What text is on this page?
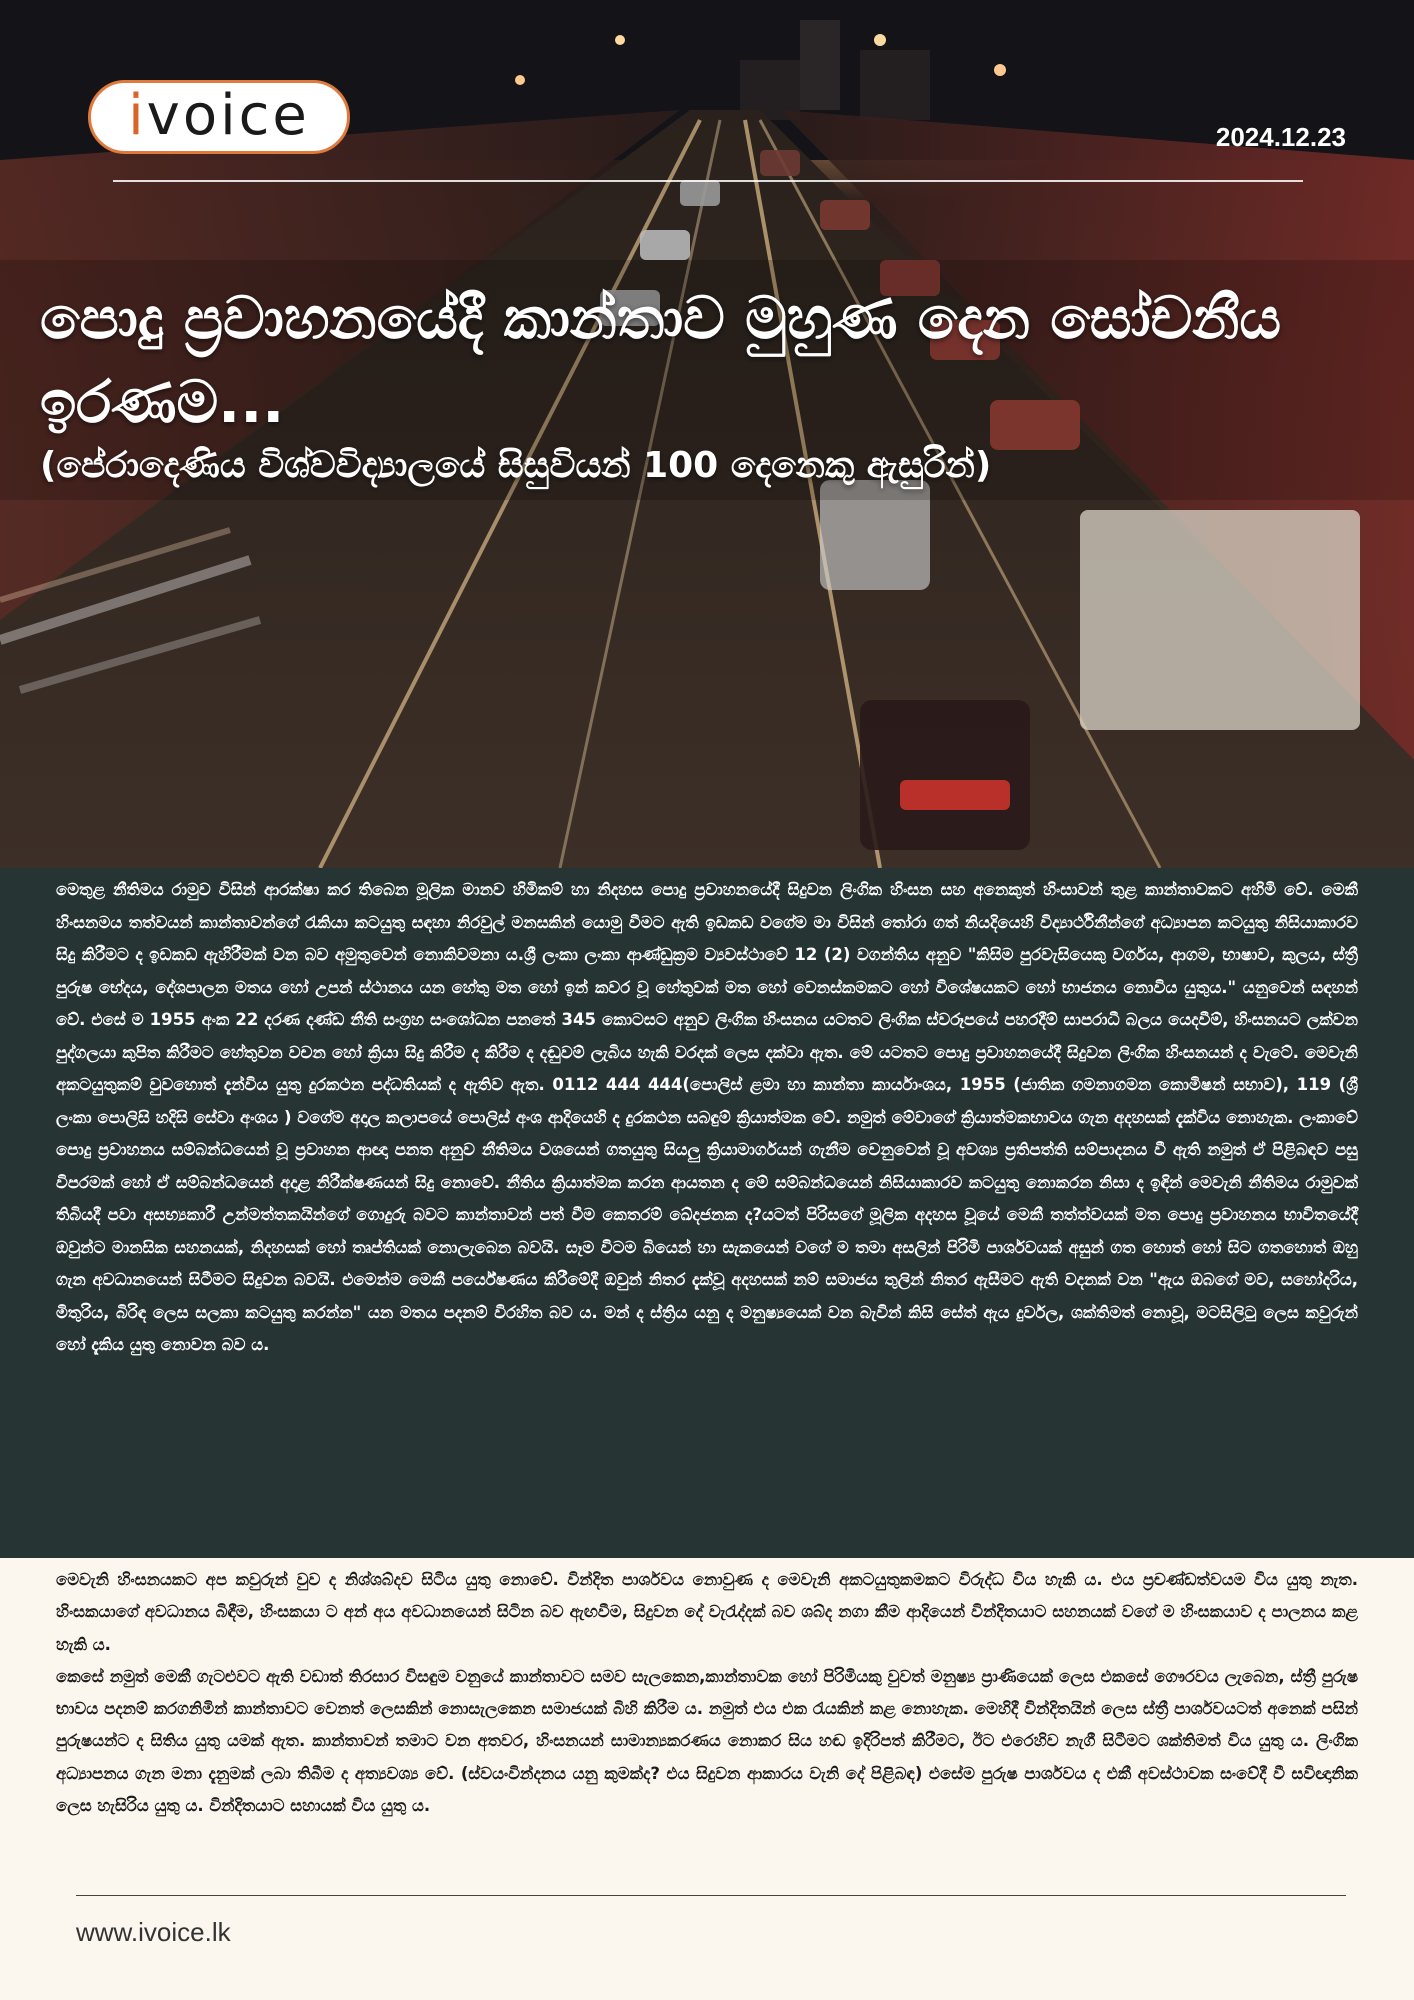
ivoice	2024.12.23
පොදු ප්‍රවාහනයේදී කාන්තාව මුහුණ දෙන සෝචනීය ඉරණම...
(පේරාදෙණිය විශ්වවිද්‍යාලයේ සිසුවියන් 100 දෙනෙකු ඇසුරින්)

මෙතුළ නීතිමය රාමුව විසින් ආරක්ෂා කර තිබෙන මූලික මානව හිමිකම් හා නිදහස පොදු ප්‍රවාහනයේදී සිදුවන ලිංගික හිංසන සහ අනෙකුත් හිංසාවන් තුළ කාන්තාවකට අහිමි වේ. මෙකී හිංසනමය තත්වයන් කාන්තාවන්ගේ රැකියා කටයුතු සඳහා නිරවුල් මනසකින් යොමු වීමට ඇති ඉඩකඩ වගේම මා විසින් තෝරා ගත් නියදියෙහි විද්‍යාර්ථිනීන්ගේ අධ්‍යාපන කටයුතු නිසියාකාරව සිදු කිරීමට ද ඉඩකඩ ඇහිරීමක් වන බව අමුතුවෙන් නොකිවමනා ය.ශ්‍රී ලංකා ලංකා ආණ්ඩුක්‍රම ව්‍යවස්ථාවේ 12 (2) වගන්තිය අනුව "කිසිම පුරවැසියෙකු වර්ගය, ආගම, භාෂාව, කුලය, ස්ත්‍රී පුරුෂ භේදය, දේශපාලන මතය හෝ උපන් ස්ථානය යන හේතු මත හෝ ඉන් කවර වූ හේතුවක් මත හෝ වෙනස්කමකට හෝ විශේෂයකට හෝ භාජනය නොවිය යුතුය." යනුවෙන් සඳහන් වේ. එසේ ම 1955 අංක 22 දරණ දණ්ඩ නීති සංග්‍රහ සංශෝධන පනතේ 345 කොටසට අනුව ලිංගික හිංසනය යටතට ලිංගික ස්වරූපයේ පහරදීම් සාපරාධී බලය යෙදවීම්, හිංසනයට ලක්වන පුද්ගලයා කුපිත කිරීමට හේතුවන වචන හෝ ක්‍රියා සිදු කිරීම ද කිරීම ද දඬුවම් ලැබිය හැකි වරදක් ලෙස දක්වා ඇත. මේ යටතට පොදු ප්‍රවාහනයේදී සිදුවන ලිංගික හිංසනයන් ද වැටේ. මෙවැනි අකටයුතුකම් වුවහොත් දැන්විය යුතු දුරකථන පද්ධතියක් ද ඇතිව ඇත. 0112 444 444(පොලිස් ළමා හා කාන්තා කාර්යාංශය, 1955 (ජාතික ගමනාගමන කොමිෂන් සභාව), 119 (ශ්‍රී ලංකා පොලිසි හදිසි සේවා අංශය ) වගේම අදාල කලාපයේ පොලිස් අංශ ආදියෙහි ද දුරකථන සබඳුම් ක්‍රියාත්මක වේ. නමුත් මේවාගේ ක්‍රියාත්මකභාවය ගැන අදහසක් දැක්විය නොහැක. ලංකාවේ පොදු ප්‍රවාහනය සම්බන්ධයෙන් වූ ප්‍රවාහන ආඥා පනත අනුව නීතිමය වශයෙන් ගතයුතු සියලු ක්‍රියාමාර්ගයන් ගැනීම වෙනුවෙන් වූ අවශ්‍ය ප්‍රතිපත්ති සම්පාදනය වී ඇති නමුත් ඒ පිළිබඳව පසු විපරමක් හෝ ඒ සම්බන්ධයෙන් අදාළ නිරීක්ෂණයන් සිදු නොවේ. නීතිය ක්‍රියාත්මක කරන ආයතන ද මේ සම්බන්ධයෙන් නිසියාකාරව කටයුතු නොකරන නිසා ද ඉඳින් මෙවැනි නීතිමය රාමුවක් තිබියදී පවා අසභ්‍යකාරී උන්මත්තකයින්ගේ ගොදුරු බවට කාන්තාවන් පත් වීම කෙතරම් ඛේදජනක ද?යටත් පිරිසගේ මූලික අදහස වූයේ මෙකී තත්ත්වයක් මත පොදු ප්‍රවාහනය භාවිතයේදී ඔවුන්ට මානසික සහනයක්, නිදහසක් හෝ තෘප්තියක් නොලැබෙන බවයි. සෑම විටම බියෙන් හා සැකයෙන් වගේ ම තමා අසලින් පිරිමි පාර්ශවයක් අසුන් ගත හොත් හෝ සිට ගතහොත් ඔහු ගැන අවධානයෙන් සිටීමට සිදුවන බවයි. එමෙන්ම මෙකී පර්යේෂණය කිරීමේදී ඔවුන් නිතර දැක්වූ අදහසක් නම් සමාජය තුලින් නිතර ඇසීමට ඇති වදනක් වන "ඇය ඔබගේ මව, සහෝදරිය, මිතුරිය, බිරිඳ ලෙස සලකා කටයුතු කරන්න" යන මතය පදනම් විරහිත බව ය. මන් ද ස්ත්‍රිය යනු ද මනුෂ්‍යයෙක් වන බැවින් කිසි සේත් ඇය දුර්වල, ශක්තිමත් නොවූ, මටසිලිටු ලෙස කවුරුන් හෝ දැකිය යුතු නොවන බව ය.

මෙවැනි හිංසනයකට අප කවුරුන් වුව ද නිශ්ශබ්දව සිටිය යුතු නොවේ. වින්දිත පාර්ශවය නොවුණ ද මෙවැනි අකටයුතුකමකට විරුද්ධ විය හැකි ය. එය ප්‍රචණ්ඩත්වයම විය යුතු නැත. හිංසකයාගේ අවධානය බිඳීම, හිංසකයා ට අන් අය අවධානයෙන් සිටින බව ඇඟවීම, සිදුවන දේ වැරැද්දක් බව ශබ්ද නගා කීම ආදියෙන් වින්දිතයාට සහනයක් වගේ ම හිංසකයාව ද පාලනය කළ හැකි ය.

කෙසේ නමුත් මෙකී ගැටළුවට ඇති වඩාත් තිරසාර විසඳුම වනුයේ කාන්තාවට සමව සැලකෙන,කාන්තාවක හෝ පිරිමියකු වුවත් මනුෂ්‍ය ප්‍රාණියෙක් ලෙස එකසේ ගෞරවය ලැබෙන, ස්ත්‍රී පුරුෂ භාවය පදනම් කරගනිමින් කාන්තාවට වෙනත් ලෙසකින් නොසැලකෙන සමාජයක් බිහි කිරීම ය. නමුත් එය එක රැයකින් කළ නොහැක. මෙහිදී වින්දිතයින් ලෙස ස්ත්‍රී පාර්ශවයටත් අනෙක් පසින් පුරුෂයන්ට ද සිතිය යුතු යමක් ඇත. කාන්තාවන් තමාට වන අතවර, හිංසනයන් සාමාන්‍යකරණය නොකර සිය හඬ ඉදිරිපත් කිරීමට, ඊට එරෙහිව නැගී සිටීමට ශක්තිමත් විය යුතු ය. ලිංගික අධ්‍යාපනය ගැන මනා දැනුමක් ලබා තිබීම ද අත්‍යවශ්‍ය වේ. (ස්වයංවින්දනය යනු කුමක්ද? එය සිදුවන ආකාරය වැනි දේ පිළිබඳ) එසේම පුරුෂ පාර්ශවය ද එකී අවස්ථාවක සංවේදී වී සවිඥානික ලෙස හැසිරිය යුතු ය. වින්දිතයාට සහායක් විය යුතු ය.

www.ivoice.lk
